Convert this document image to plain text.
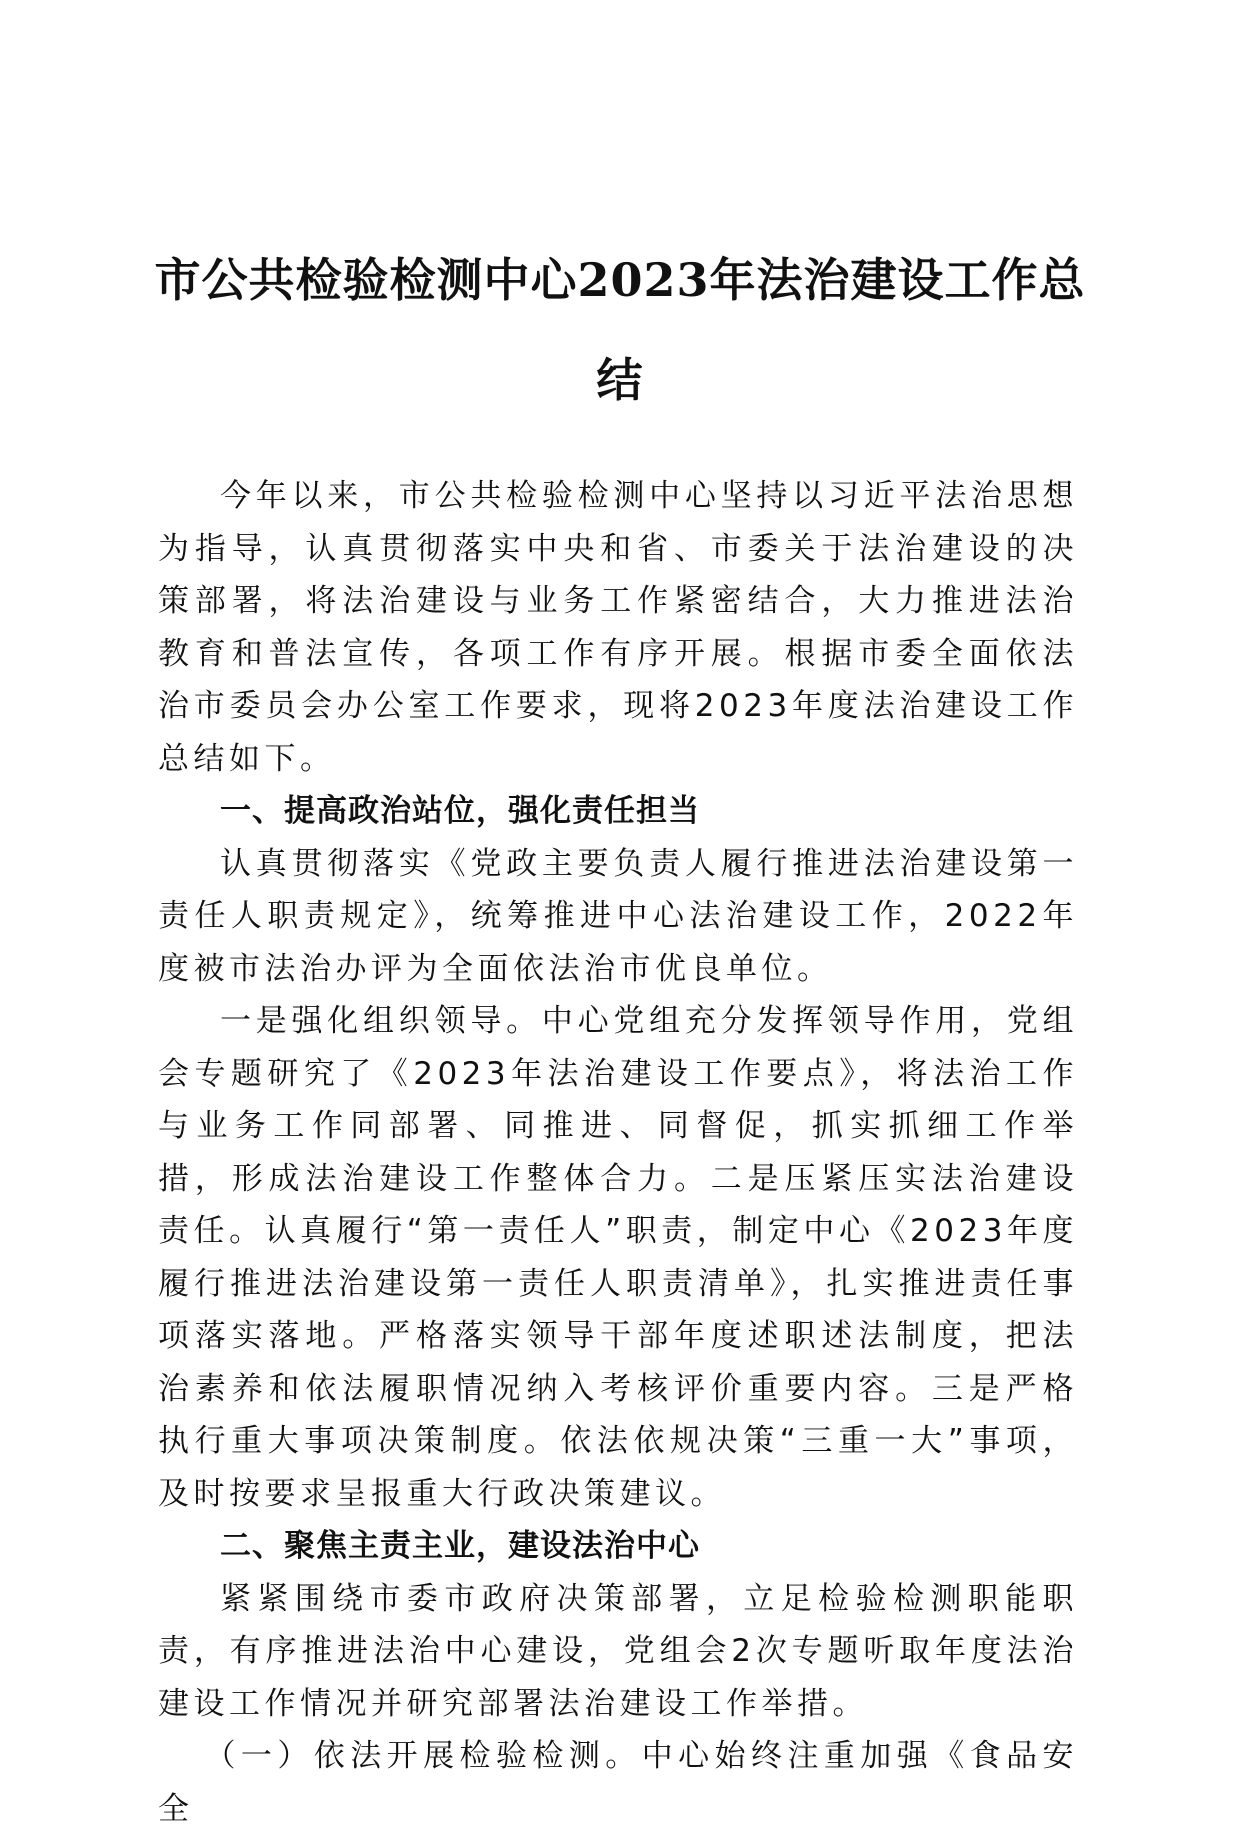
市公共检验检测中心2023年法治建设工作总
结

今年以来，市公共检验检测中心坚持以习近平法治思想为指导，认真贯彻落实中央和省、市委关于法治建设的决策部署，将法治建设与业务工作紧密结合，大力推进法治教育和普法宣传，各项工作有序开展。根据市委全面依法治市委员会办公室工作要求，现将2023年度法治建设工作总结如下。

一、提高政治站位，强化责任担当

认真贯彻落实《党政主要负责人履行推进法治建设第一责任人职责规定》，统筹推进中心法治建设工作，2022年度被市法治办评为全面依法治市优良单位。

一是强化组织领导。中心党组充分发挥领导作用，党组会专题研究了《2023年法治建设工作要点》，将法治工作与业务工作同部署、同推进、同督促，抓实抓细工作举措，形成法治建设工作整体合力。二是压紧压实法治建设责任。认真履行“第一责任人”职责，制定中心《2023年度履行推进法治建设第一责任人职责清单》，扎实推进责任事项落实落地。严格落实领导干部年度述职述法制度，把法治素养和依法履职情况纳入考核评价重要内容。三是严格执行重大事项决策制度。依法依规决策“三重一大”事项，及时按要求呈报重大行政决策建议。

二、聚焦主责主业，建设法治中心

紧紧围绕市委市政府决策部署，立足检验检测职能职责，有序推进法治中心建设，党组会2次专题听取年度法治建设工作情况并研究部署法治建设工作举措。

（一）依法开展检验检测。中心始终注重加强《食品安全
